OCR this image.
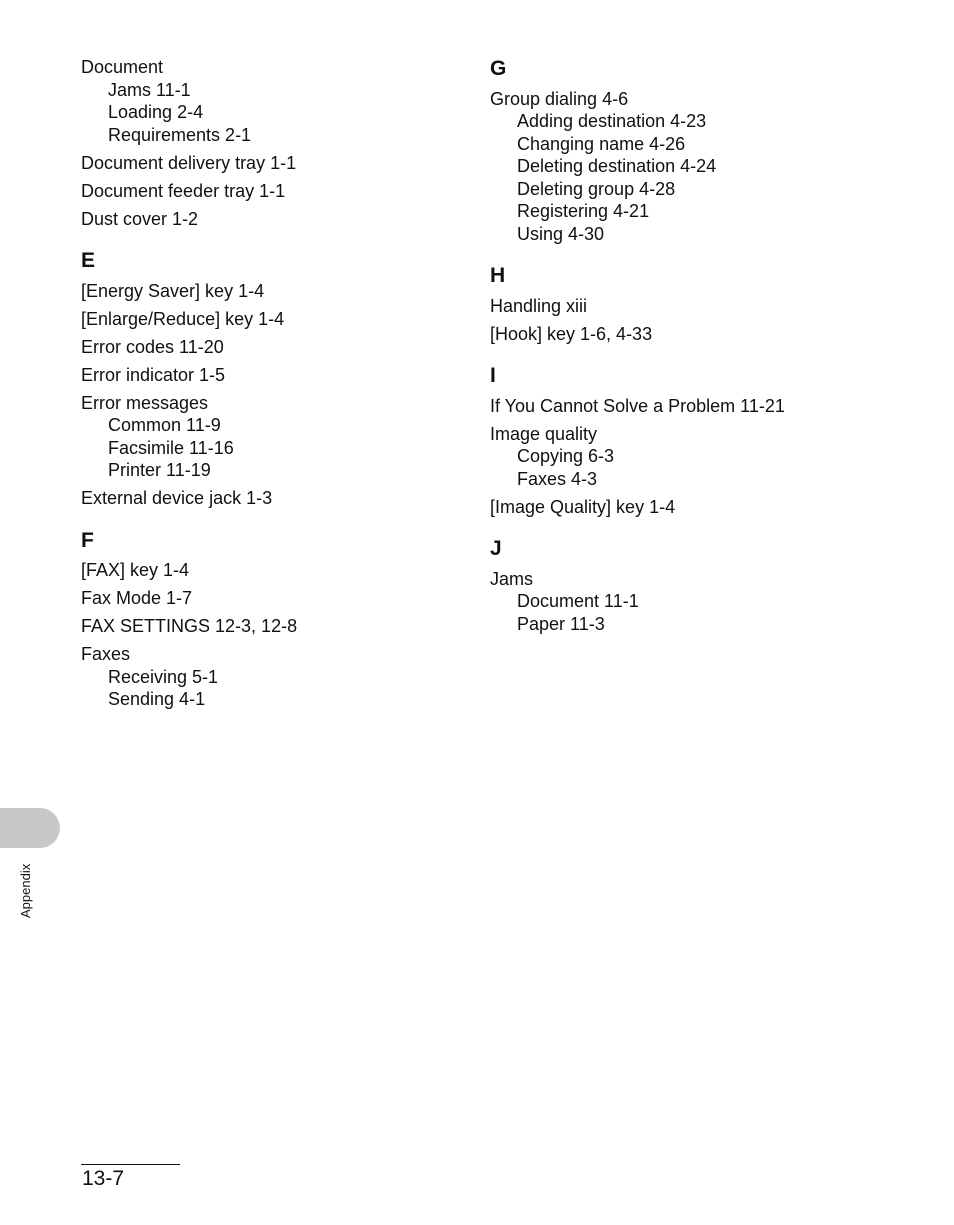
Document
Jams 11-1
Loading 2-4
Requirements 2-1
Document delivery tray 1-1
Document feeder tray 1-1
Dust cover 1-2
E
[Energy Saver] key 1-4
[Enlarge/Reduce] key 1-4
Error codes 11-20
Error indicator 1-5
Error messages
Common 11-9
Facsimile 11-16
Printer 11-19
External device jack 1-3
F
[FAX] key 1-4
Fax Mode 1-7
FAX SETTINGS 12-3, 12-8
Faxes
Receiving 5-1
Sending 4-1
G
Group dialing 4-6
Adding destination 4-23
Changing name 4-26
Deleting destination 4-24
Deleting group 4-28
Registering 4-21
Using 4-30
H
Handling xiii
[Hook] key 1-6, 4-33
I
If You Cannot Solve a Problem 11-21
Image quality
Copying 6-3
Faxes 4-3
[Image Quality] key 1-4
J
Jams
Document 11-1
Paper 11-3
Appendix
13-7
